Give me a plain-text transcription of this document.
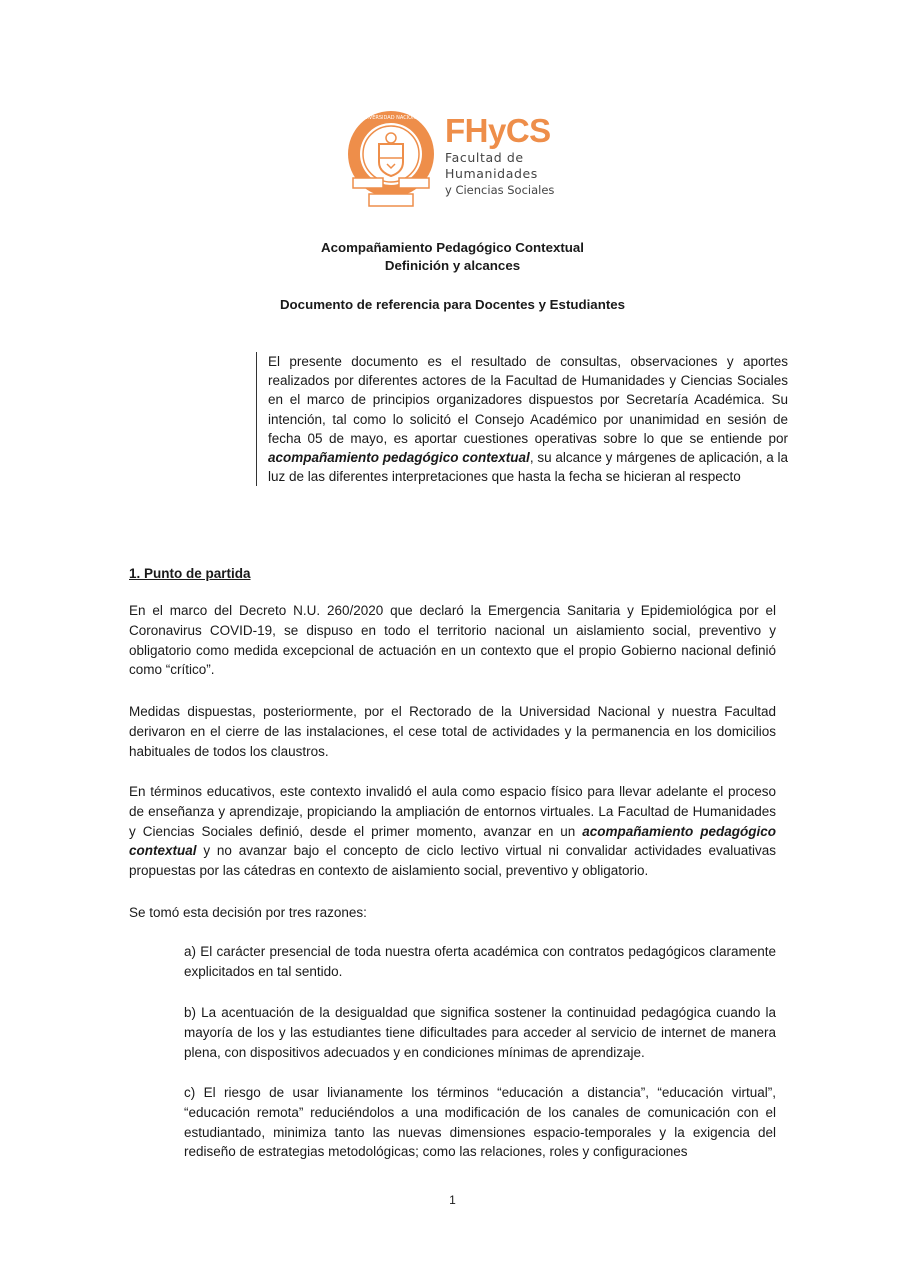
UNIVERSIDAD NACIONAL FHyCS
Facultad de
Humanidades
y Ciencias Sociales
Acompañamiento Pedagógico Contextual
Definición y alcances
Documento de referencia para Docentes y Estudiantes
El presente documento es el resultado de consultas, observaciones y aportes realizados por diferentes actores de la Facultad de Humanidades y Ciencias Sociales en el marco de principios organizadores dispuestos por Secretaría Académica. Su intención, tal como lo solicitó el Consejo Académico por unanimidad en sesión de fecha 05 de mayo, es aportar cuestiones operativas sobre lo que se entiende por acompañamiento pedagógico contextual, su alcance y márgenes de aplicación, a la luz de las diferentes interpretaciones que hasta la fecha se hicieran al respecto
1. Punto de partida
En el marco del Decreto N.U. 260/2020 que declaró la Emergencia Sanitaria y Epidemiológica por el Coronavirus COVID-19, se dispuso en todo el territorio nacional un aislamiento social, preventivo y obligatorio como medida excepcional de actuación en un contexto que el propio Gobierno nacional definió como “crítico”.
Medidas dispuestas, posteriormente, por el Rectorado de la Universidad Nacional y nuestra Facultad derivaron en el cierre de las instalaciones, el cese total de actividades y la permanencia en los domicilios habituales de todos los claustros.
En términos educativos, este contexto invalidó el aula como espacio físico para llevar adelante el proceso de enseñanza y aprendizaje, propiciando la ampliación de entornos virtuales. La Facultad de Humanidades y Ciencias Sociales definió, desde el primer momento, avanzar en un acompañamiento pedagógico contextual y no avanzar bajo el concepto de ciclo lectivo virtual ni convalidar actividades evaluativas propuestas por las cátedras en contexto de aislamiento social, preventivo y obligatorio.
Se tomó esta decisión por tres razones:
a) El carácter presencial de toda nuestra oferta académica con contratos pedagógicos claramente explicitados en tal sentido.
b) La acentuación de la desigualdad que significa sostener la continuidad pedagógica cuando la mayoría de los y las estudiantes tiene dificultades para acceder al servicio de internet de manera plena, con dispositivos adecuados y en condiciones mínimas de aprendizaje.
c) El riesgo de usar livianamente los términos “educación a distancia”, “educación virtual”, “educación remota” reduciéndolos a una modificación de los canales de comunicación con el estudiantado, minimiza tanto las nuevas dimensiones espacio-temporales y la exigencia del rediseño de estrategias metodológicas; como las relaciones, roles y configuraciones
1
